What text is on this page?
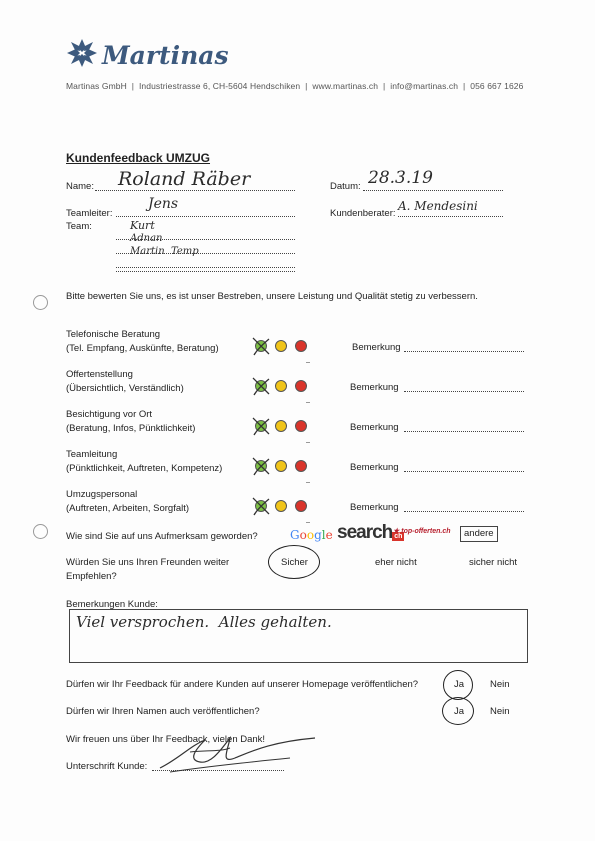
Martinas
Martinas GmbH  |  Industriestrasse 6, CH-5604 Hendschiken  |  www.martinas.ch  |  info@martinas.ch  |  056 667 1626
Kundenfeedback UMZUG
Name: Roland Räber	Datum: 28.3.19
Teamleiter:
Jens
Kundenberater:
A. Mendesini
Team:	Kurt
Adnan
Martin  Temp
Bitte bewerten Sie uns, es ist unser Bestreben, unsere Leistung und Qualität stetig zu verbessern.
Telefonische Beratung
(Tel. Empfang, Auskünfte, Beratung)	Bemerkung
Offertenstellung
(Übersichtlich, Verständlich)	Bemerkung
Besichtigung vor Ort
(Beratung, Infos, Pünktlichkeit)	Bemerkung
Teamleitung
(Pünktlichkeit, Auftreten, Kompetenz)	Bemerkung
Umzugspersonal
(Auftreten, Arbeiten, Sorgfalt)	Bemerkung
Wie sind Sie auf uns Aufmerksam geworden?	Google search ch
★ top-offerten.ch	andere
Würden Sie uns Ihren Freunden weiter
Empfehlen?
Sicher	eher nicht	sicher nicht
Bemerkungen Kunde:
Viel versprochen.  Alles gehalten.
Dürfen wir Ihr Feedback für andere Kunden auf unserer Homepage veröffentlichen?	Ja	Nein
Dürfen wir Ihren Namen auch veröffentlichen?	Ja	Nein
Wir freuen uns über Ihr Feedback, vielen Dank!
Unterschrift Kunde:
